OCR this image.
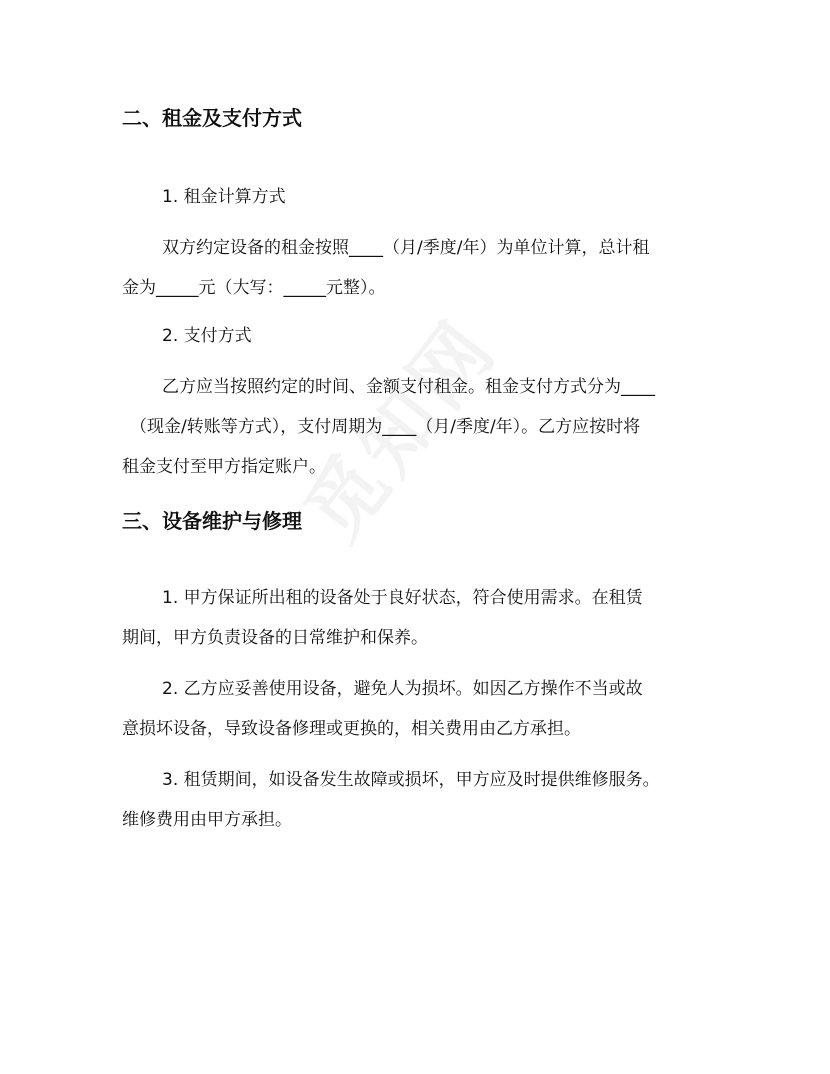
二、租金及支付方式

1. 租金计算方式

双方约定设备的租金按照____（月/季度/年）为单位计算，总计租
金为_____元（大写：_____元整）。

2. 支付方式

乙方应当按照约定的时间、金额支付租金。租金支付方式分为____
（现金/转账等方式），支付周期为____（月/季度/年）。乙方应按时将
租金支付至甲方指定账户。
三、设备维护与修理
1. 甲方保证所出租的设备处于良好状态，符合使用需求。在租赁
期间，甲方负责设备的日常维护和保养。
2. 乙方应妥善使用设备，避免人为损坏。如因乙方操作不当或故
意损坏设备，导致设备修理或更换的，相关费用由乙方承担。
3. 租赁期间，如设备发生故障或损坏，甲方应及时提供维修服务。
维修费用由甲方承担。
